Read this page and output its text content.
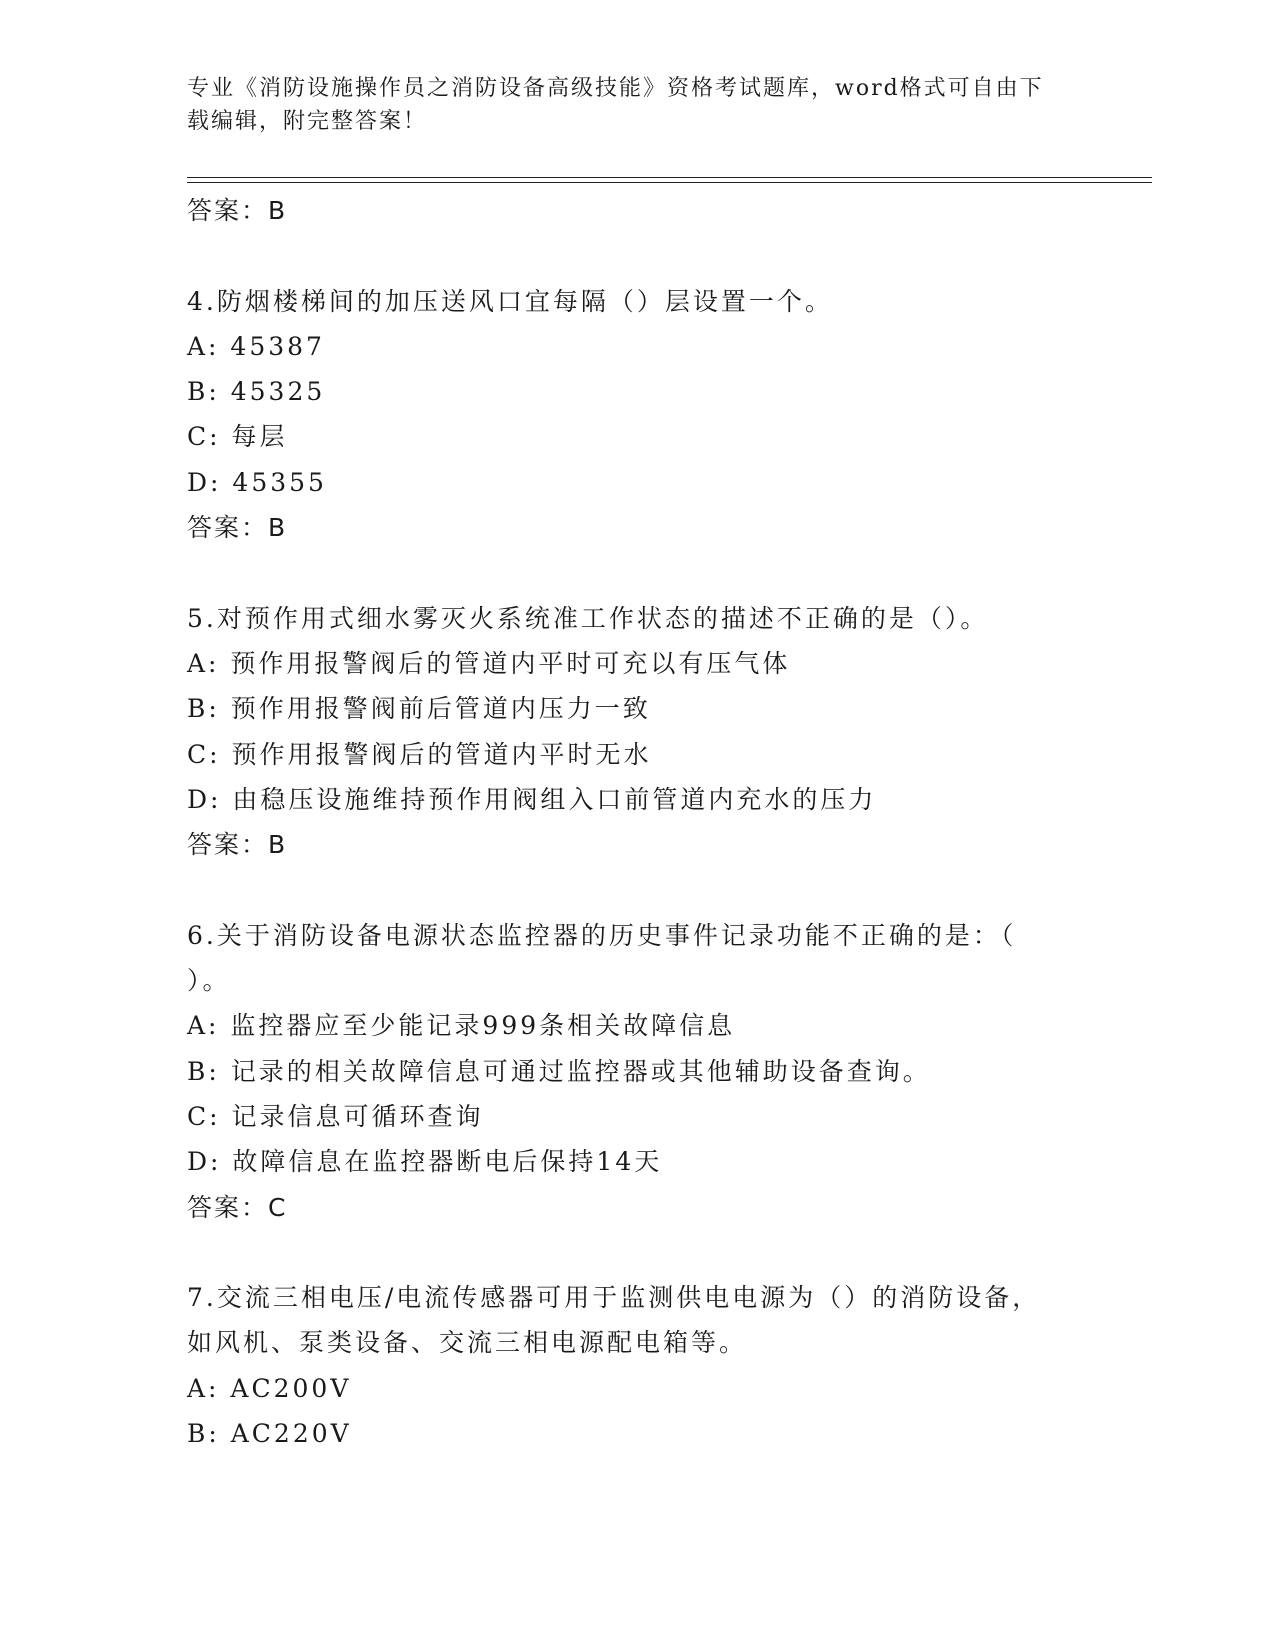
专业《消防设施操作员之消防设备高级技能》资格考试题库，word格式可自由下载编辑，附完整答案！
答案：B
4.防烟楼梯间的加压送风口宜每隔（）层设置一个。
A: 45387
B: 45325
C: 每层
D: 45355
答案：B
5.对预作用式细水雾灭火系统准工作状态的描述不正确的是（）。
A: 预作用报警阀后的管道内平时可充以有压气体
B: 预作用报警阀前后管道内压力一致
C: 预作用报警阀后的管道内平时无水
D: 由稳压设施维持预作用阀组入口前管道内充水的压力
答案：B
6.关于消防设备电源状态监控器的历史事件记录功能不正确的是：（
）。
A: 监控器应至少能记录999条相关故障信息
B: 记录的相关故障信息可通过监控器或其他辅助设备查询。
C: 记录信息可循环查询
D: 故障信息在监控器断电后保持14天
答案：C
7.交流三相电压/电流传感器可用于监测供电电源为（）的消防设备，
如风机、泵类设备、交流三相电源配电箱等。
A: AC200V
B: AC220V
